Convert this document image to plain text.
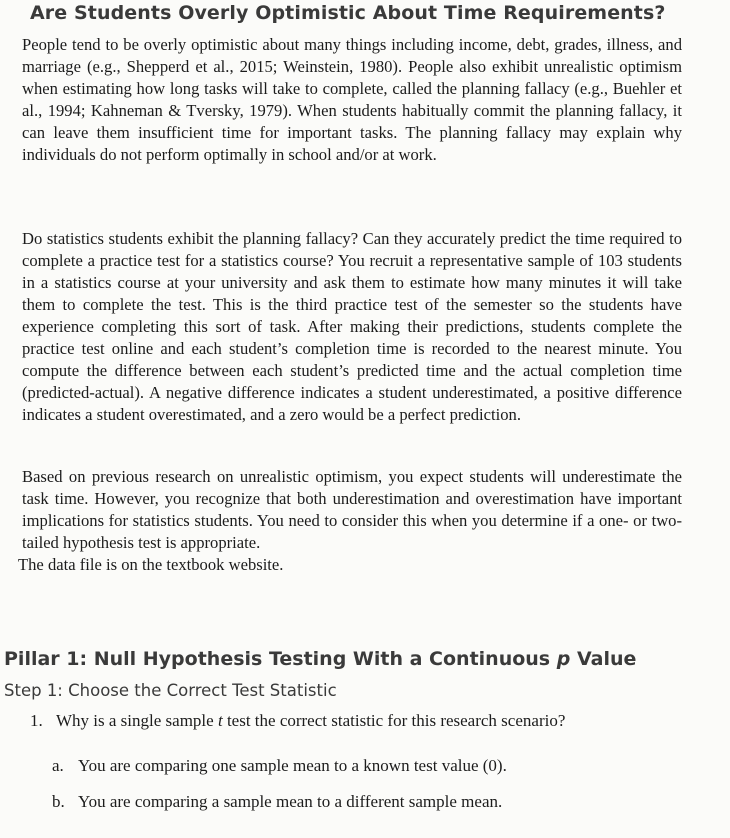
Are Students Overly Optimistic About Time Requirements?

People tend to be overly optimistic about many things including income, debt, grades, illness, and marriage (e.g., Shepperd et al., 2015; Weinstein, 1980). People also exhibit unrealistic optimism when estimating how long tasks will take to complete, called the planning fallacy (e.g., Buehler et al., 1994; Kahneman & Tversky, 1979). When students habitually commit the planning fallacy, it can leave them insufficient time for important tasks. The planning fallacy may explain why individuals do not perform optimally in school and/or at work.

Do statistics students exhibit the planning fallacy? Can they accurately predict the time required to complete a practice test for a statistics course? You recruit a representative sample of 103 students in a statistics course at your university and ask them to estimate how many minutes it will take them to complete the test. This is the third practice test of the semester so the students have experience completing this sort of task. After making their predictions, students complete the practice test online and each student’s completion time is recorded to the nearest minute. You compute the difference between each student’s predicted time and the actual completion time (predicted-actual). A negative difference indicates a student underestimated, a positive difference indicates a student overestimated, and a zero would be a perfect prediction.

Based on previous research on unrealistic optimism, you expect students will underestimate the task time. However, you recognize that both underestimation and overestimation have important implications for statistics students. You need to consider this when you determine if a one- or two-tailed hypothesis test is appropriate.
The data file is on the textbook website.
Pillar 1: Null Hypothesis Testing With a Continuous p Value
Step 1: Choose the Correct Test Statistic
1. Why is a single sample t test the correct statistic for this research scenario?
a. You are comparing one sample mean to a known test value (0).
b. You are comparing a sample mean to a different sample mean.
